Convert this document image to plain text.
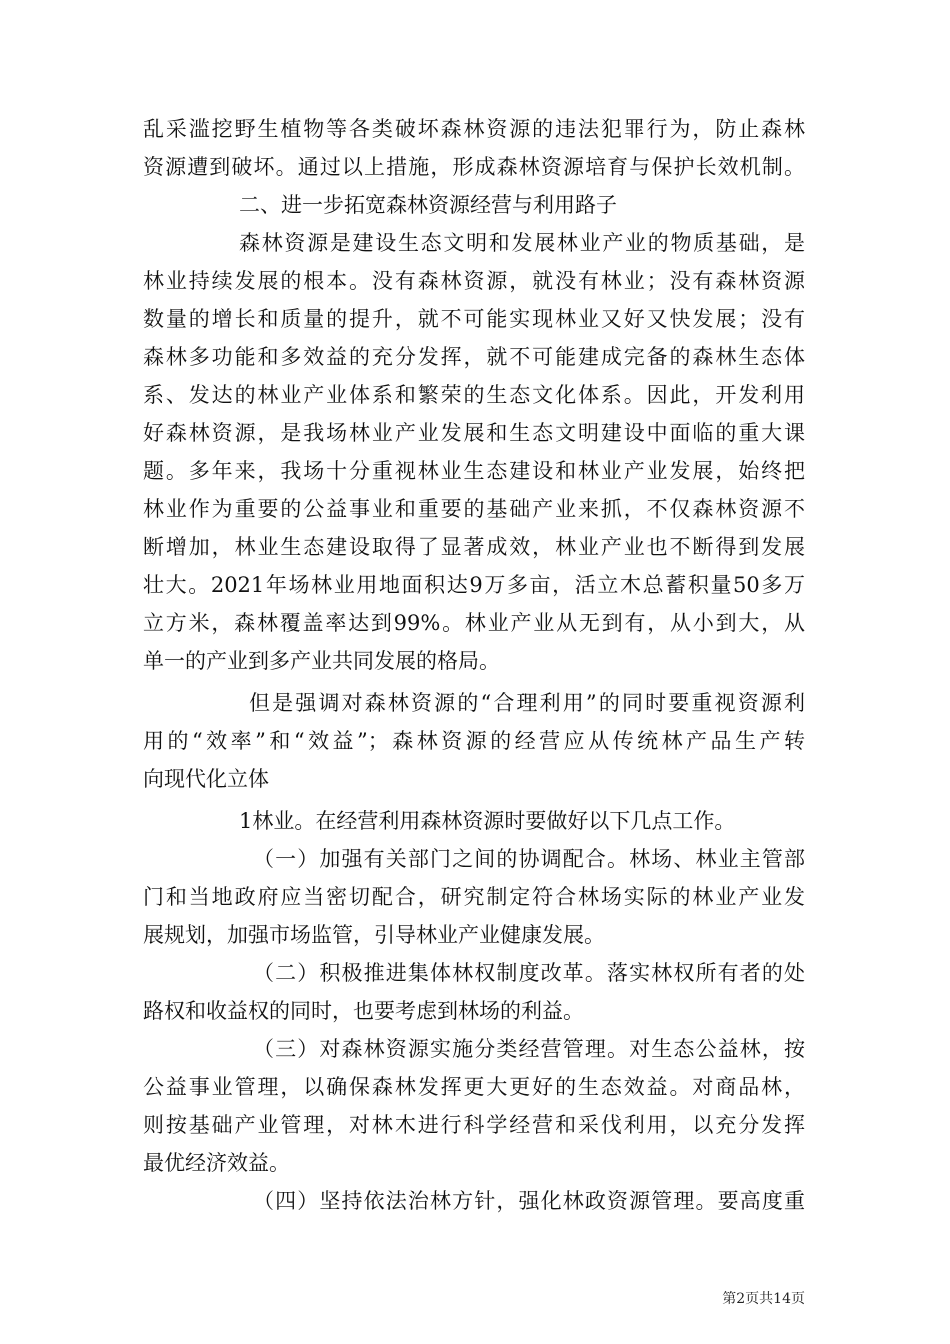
乱采滥挖野生植物等各类破坏森林资源的违法犯罪行为，防止森林
资源遭到破坏。通过以上措施，形成森林资源培育与保护长效机制。
二、进一步拓宽森林资源经营与利用路子
森林资源是建设生态文明和发展林业产业的物质基础，是
林业持续发展的根本。没有森林资源，就没有林业；没有森林资源
数量的增长和质量的提升，就不可能实现林业又好又快发展；没有
森林多功能和多效益的充分发挥，就不可能建成完备的森林生态体
系、发达的林业产业体系和繁荣的生态文化体系。因此，开发利用
好森林资源，是我场林业产业发展和生态文明建设中面临的重大课
题。多年来，我场十分重视林业生态建设和林业产业发展，始终把
林业作为重要的公益事业和重要的基础产业来抓，不仅森林资源不
断增加，林业生态建设取得了显著成效，林业产业也不断得到发展
壮大。2021年场林业用地面积达9万多亩，活立木总蓄积量50多万
立方米，森林覆盖率达到99%。林业产业从无到有，从小到大，从
单一的产业到多产业共同发展的格局。
但是强调对森林资源的“合理利用”的同时要重视资源利
用的“效率”和“效益”；森林资源的经营应从传统林产品生产转
向现代化立体
1林业。在经营利用森林资源时要做好以下几点工作。
（一）加强有关部门之间的协调配合。林场、林业主管部
门和当地政府应当密切配合，研究制定符合林场实际的林业产业发
展规划，加强市场监管，引导林业产业健康发展。
（二）积极推进集体林权制度改革。落实林权所有者的处
路权和收益权的同时，也要考虑到林场的利益。
（三）对森林资源实施分类经营管理。对生态公益林，按
公益事业管理，以确保森林发挥更大更好的生态效益。对商品林，
则按基础产业管理，对林木进行科学经营和采伐利用，以充分发挥
最优经济效益。
（四）坚持依法治林方针，强化林政资源管理。要高度重
第2页共14页
